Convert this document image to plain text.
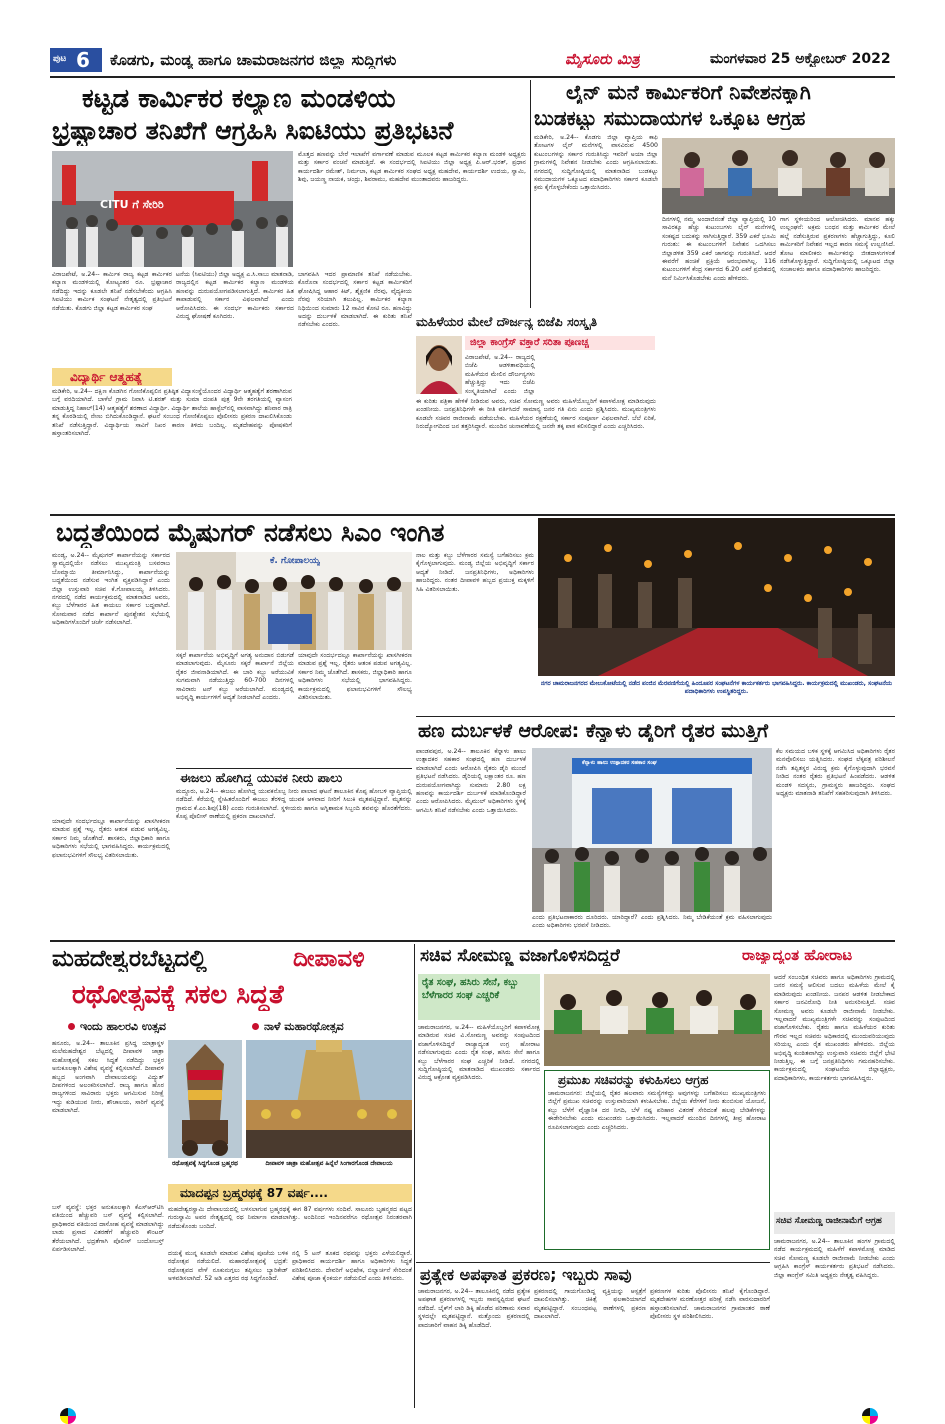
ಪುಟ 6 ಕೊಡಗು, ಮಂಡ್ಯ ಹಾಗೂ ಚಾಮರಾಜನಗರ ಜಿಲ್ಲಾ ಸುದ್ದಿಗಳು	ಮೈಸೂರು ಮಿತ್ರ	ಮಂಗಳವಾರ 25 ಅಕ್ಟೋಬರ್ 2022
ಕಟ್ಟಡ ಕಾರ್ಮಿಕರ ಕಲ್ಯಾಣ ಮಂಡಳಿಯ
ಭ್ರಷ್ಟಾಚಾರ ತನಿಖೆಗೆ ಆಗ್ರಹಿಸಿ ಸಿಐಟಿಯು ಪ್ರತಿಭಟನೆ
CITU ಗೆ ಸೇರಿರಿ
ಮೊತ್ತದ ಹಣವನ್ನು ಬೇರೆ ಇಲಾಖೆಗೆ ವರ್ಗಾವಣೆ ಮಾಡುವ ಮೂಲಕ ಕಟ್ಟಡ ಕಾರ್ಮಿಕರ ಕಲ್ಯಾಣ ಮಂಡಳಿ ಅಧ್ಯಕ್ಷರು ಮತ್ತು ಸರ್ಕಾರ ವಂಚನೆ ಮಾಡುತ್ತಿದೆ. ಈ ಸಂದರ್ಭದಲ್ಲಿ ಸಿಐಟಿಯು ಜಿಲ್ಲಾ ಅಧ್ಯಕ್ಷ ಪಿ.ಆರ್.ಭರತ್, ಪ್ರಧಾನ ಕಾರ್ಯದರ್ಶಿ ರಮೇಶ್, ನಿರ್ಮಲಾ, ಕಟ್ಟಡ ಕಾರ್ಮಿಕರ ಸಂಘದ ಅಧ್ಯಕ್ಷ ಮಹದೇವ, ಕಾರ್ಯದರ್ಶಿ ಉದಯ, ಸ್ವಾಮಿ, ಶಿವು, ಜಯಣ್ಣ ನಾಯಕ, ಚಂದ್ರು, ಶಿವರಾಮು, ಮಹದೇವ ಮುಂತಾದವರು ಹಾಜರಿದ್ದರು.
ವಿರಾಜಪೇಟೆ, ಅ.24-- ಕಾರ್ಮಿಕ ರಾಜ್ಯ ಕಟ್ಟಡ ಕಾರ್ಮಿಕರ ಕಲ್ಯಾಣ ಮಂಡಳಿಯಲ್ಲಿ ಕೋಟ್ಯಂತರ ರೂ. ಭ್ರಷ್ಟಾಚಾರ ನಡೆದಿದ್ದು ಇದನ್ನು ಕೂಡಲೇ ತನಿಖೆ ನಡೆಸಬೇಕೆಂದು ಆಗ್ರಹಿಸಿ ಸಿಐಟಿಯು ಕಾರ್ಮಿಕ ಸಂಘಟನೆ ನೇತೃತ್ವದಲ್ಲಿ ಪ್ರತಿಭಟನೆ ನಡೆಯಿತು. ಕೊಡಗು ಜಿಲ್ಲಾ ಕಟ್ಟಡ ಕಾರ್ಮಿಕರ ಸಂಘ
ಟನೆಯ (ಸಿಐಟಿಯು) ಜಿಲ್ಲಾ ಅಧ್ಯಕ್ಷ ಎ.ಸಿ.ಸಾಬು ಮಾತನಾಡಿ, ರಾಜ್ಯದಲ್ಲಿನ ಕಟ್ಟಡ ಕಾರ್ಮಿಕರ ಕಲ್ಯಾಣ ಮಂಡಳಿಯ ಹಣವನ್ನು ದುರುಪಯೋಗಪಡಿಸಲಾಗುತ್ತಿದೆ. ಕಾರ್ಮಿಕರ ಹಿತ ಕಾಪಾಡುವಲ್ಲಿ ಸರ್ಕಾರ ವಿಫಲವಾಗಿದೆ ಎಂದು ಆರೋಪಿಸಿದರು. ಈ ಸಂದರ್ಭ ಕಾರ್ಮಿಕರು ಸರ್ಕಾರದ ವಿರುದ್ಧ ಘೋಷಣೆ ಕೂಗಿದರು.
ಬಾಗವಹಿಸಿ ಇದರ ಪ್ರಾಮಾಣಿಕ ತನಿಖೆ ನಡೆಯಬೇಕು. ಕೊರೊನಾ ಸಂದರ್ಭದಲ್ಲಿ ಸರ್ಕಾರ ಕಟ್ಟಡ ಕಾರ್ಮಿಕರಿಗೆ ಘೋಷಿಸಿದ್ದ ಆಹಾರ ಕಿಟ್, ಶೈಕ್ಷಣಿಕ ನೆರವು, ವೈದ್ಯಕೀಯ ನೆರವು ಸರಿಯಾಗಿ ತಲುಪಿಲ್ಲ. ಕಾರ್ಮಿಕರ ಕಲ್ಯಾಣ ನಿಧಿಯಿಂದ ಸುಮಾರು 12 ಸಾವಿರ ಕೋಟಿ ರೂ. ಹಣವಿದ್ದು ಅದನ್ನು ದುರ್ಬಳಕೆ ಮಾಡಲಾಗಿದೆ. ಈ ಕುರಿತು ತನಿಖೆ ನಡೆಸಬೇಕು ಎಂದರು.
ವಿದ್ಯಾರ್ಥಿ ಆತ್ಮಹತ್ಯೆ
ಮಡಿಕೇರಿ, ಅ.24-- ದಕ್ಷಿಣ ಕೊಡಗಿನ ಗೋಣಿಕೊಪ್ಪಲಿನ ಪ್ರತಿಷ್ಠಿತ ವಿದ್ಯಾಸಂಸ್ಥೆಯೊಂದರ ವಿದ್ಯಾರ್ಥಿ ಆತ್ಮಹತ್ಯೆಗೆ ಶರಣಾಗಿರುವ ಬಗ್ಗೆ ವರದಿಯಾಗಿದೆ. ಬಾಳೆಲೆ ಗ್ರಾಮ ನಿವಾಸಿ ಟಿ.ಶರತ್ ಮತ್ತು ಸುಮಾ ದಂಪತಿ ಪುತ್ರ 9ನೇ ತರಗತಿಯಲ್ಲಿ ವ್ಯಾಸಂಗ ಮಾಡುತ್ತಿದ್ದ ನಿಹಾಲ್(14) ಆತ್ಮಹತ್ಯೆಗೆ ಶರಣಾದ ವಿದ್ಯಾರ್ಥಿ. ವಿದ್ಯಾರ್ಥಿ ಶಾಲೆಯ ಹಾಸ್ಟೆಲ್‌ನಲ್ಲಿ ವಾಸವಾಗಿದ್ದು ಶನಿವಾರ ರಾತ್ರಿ ತನ್ನ ಕೊಠಡಿಯಲ್ಲಿ ನೇಣು ಬಿಗಿದುಕೊಂಡಿದ್ದಾನೆ. ಘಟನೆ ಸಂಬಂಧ ಗೋಣಿಕೊಪ್ಪಲು ಪೊಲೀಸರು ಪ್ರಕರಣ ದಾಖಲಿಸಿಕೊಂಡು ತನಿಖೆ ನಡೆಸುತ್ತಿದ್ದಾರೆ. ವಿದ್ಯಾರ್ಥಿಯ ಸಾವಿಗೆ ನಿಖರ ಕಾರಣ ತಿಳಿದು ಬಂದಿಲ್ಲ. ಮೃತದೇಹವನ್ನು ಪೋಷಕರಿಗೆ ಹಸ್ತಾಂತರಿಸಲಾಗಿದೆ.
ಮಹಿಳೆಯರ ಮೇಲೆ ದೌರ್ಜನ್ಯ ಬಿಜೆಪಿ ಸಂಸ್ಕೃತಿ
ಜಿಲ್ಲಾ ಕಾಂಗ್ರೆಸ್ ವಕ್ತಾರೆ ಸರಿತಾ ಪೂಣಚ್ಚ
ವಿರಾಜಪೇಟೆ, ಅ.24-- ರಾಜ್ಯದಲ್ಲಿ ಬಿಜೆಪಿ ಆಡಳಿತಾವಧಿಯಲ್ಲಿ ಮಹಿಳೆಯರ ಮೇಲಿನ ದೌರ್ಜನ್ಯಗಳು ಹೆಚ್ಚುತ್ತಿದ್ದು ಇದು ಬಿಜೆಪಿ ಸಂಸ್ಕೃತಿಯಾಗಿದೆ ಎಂದು ಜಿಲ್ಲಾ
ಈ ಕುರಿತು ಪತ್ರಿಕಾ ಹೇಳಿಕೆ ನೀಡಿರುವ ಅವರು, ಸಚಿವ ಸೋಮಣ್ಣ ಅವರು ಮಹಿಳೆಯೊಬ್ಬರಿಗೆ ಕಪಾಳಮೋಕ್ಷ ಮಾಡಿರುವುದು ಖಂಡನೀಯ. ಜನಪ್ರತಿನಿಧಿಗಳೇ ಈ ರೀತಿ ವರ್ತಿಸಿದರೆ ಸಾಮಾನ್ಯ ಜನರ ಗತಿ ಏನು ಎಂದು ಪ್ರಶ್ನಿಸಿದರು. ಮುಖ್ಯಮಂತ್ರಿಗಳು ಕೂಡಲೇ ಸಚಿವರ ರಾಜೀನಾಮೆ ಪಡೆಯಬೇಕು. ಮಹಿಳೆಯರ ರಕ್ಷಣೆಯಲ್ಲಿ ಸರ್ಕಾರ ಸಂಪೂರ್ಣ ವಿಫಲವಾಗಿದೆ. ಬೆಲೆ ಏರಿಕೆ, ನಿರುದ್ಯೋಗದಿಂದ ಜನ ತತ್ತರಿಸಿದ್ದಾರೆ. ಮುಂದಿನ ಚುನಾವಣೆಯಲ್ಲಿ ಜನರೇ ತಕ್ಕ ಪಾಠ ಕಲಿಸಲಿದ್ದಾರೆ ಎಂದು ಎಚ್ಚರಿಸಿದರು.
ಲೈನ್ ಮನೆ ಕಾರ್ಮಿಕರಿಗೆ ನಿವೇಶನಕ್ಕಾಗಿ
ಬುಡಕಟ್ಟು ಸಮುದಾಯಗಳ ಒಕ್ಕೂಟ ಆಗ್ರಹ
ಮಡಿಕೇರಿ, ಅ.24-- ಕೊಡಗು ಜಿಲ್ಲಾ ವ್ಯಾಪ್ತಿಯ ಕಾಫಿ ತೋಟಗಳ ಲೈನ್ ಮನೆಗಳಲ್ಲಿ ವಾಸವಿರುವ 4500 ಕುಟುಂಬಗಳನ್ನು ಸರ್ಕಾರ ಗುರುತಿಸಿದ್ದು ಇವರಿಗೆ ಅಯಾ ಜಿಲ್ಲಾ ಗ್ರಾಮಗಳಲ್ಲಿ ನಿವೇಶನ ನೀಡಬೇಕು ಎಂದು ಆಗ್ರಹಿಸಲಾಯಿತು. ನಗರದಲ್ಲಿ ಸುದ್ದಿಗೋಷ್ಠಿಯಲ್ಲಿ ಮಾತನಾಡಿದ ಬುಡಕಟ್ಟು ಸಮುದಾಯಗಳ ಒಕ್ಕೂಟದ ಪದಾಧಿಕಾರಿಗಳು ಸರ್ಕಾರ ಕೂಡಲೇ ಕ್ರಮ ಕೈಗೊಳ್ಳಬೇಕೆಂದು ಒತ್ತಾಯಿಸಿದರು.
ದಿನಗಳಲ್ಲಿ ನಮ್ಮ ಅಂದಾಜಿನಂತೆ ಜಿಲ್ಲಾ ವ್ಯಾಪ್ತಿಯಲ್ಲಿ 10 ಸಾವಿರಕ್ಕೂ ಹೆಚ್ಚು ಕುಟುಂಬಗಳು ಲೈನ್ ಮನೆಗಳಲ್ಲಿ ಸಂಕಷ್ಟದ ಬದುಕನ್ನು ಸಾಗಿಸುತ್ತಿದ್ದಾರೆ. 359 ಎಕರೆ ಭೂಮಿ ಗುರುತು: ಈ ಕುಟುಂಬಗಳಿಗೆ ನಿವೇಶನ ಒದಗಿಸಲು ಜಿಲ್ಲಾಡಳಿತ 359 ಎಕರೆ ಜಾಗವನ್ನು ಗುರುತಿಸಿದೆ. ಆದರೆ ಈವರೆಗೆ ಹಂಚಿಕೆ ಪ್ರಕ್ರಿಯೆ ಆರಂಭವಾಗಿಲ್ಲ. 116 ಕುಟುಂಬಗಳಿಗೆ ಕೆಂದ್ರ ಸರ್ಕಾರದ 6.20 ಎಕರೆ ಪ್ರದೇಶದಲ್ಲಿ ಮನೆ ನಿರ್ಮಿಸಿಕೊಡಬೇಕು ಎಂದು ಹೇಳಿದರು.
ಗಾಗ ಸ್ಥಳೀಯರಿಂದ ಆಲೋಚಿಸಿದರು. ಮಾನವ ಹಕ್ಕು ಉಲ್ಲಂಘನೆ: ಅಕ್ರಮ ಬಂಧನ ಮತ್ತು ಕಾರ್ಮಿಕರ ಮೇಲೆ ಹಲ್ಲೆ ನಡೆಸುತ್ತಿರುವ ಪ್ರಕರಣಗಳು ಹೆಚ್ಚಾಗುತ್ತಿದ್ದು, ಕೂಲಿ ಕಾರ್ಮಿಕರಿಗೆ ನಿವೇಶನ ಇಲ್ಲದ ಕಾರಣ ಸಮಸ್ಯೆ ಉಲ್ಬಣಿಸಿದೆ. ತೋಟ ಮಾಲೀಕರು ಕಾರ್ಮಿಕರನ್ನು ಜೀತದಾಳುಗಳಂತೆ ನಡೆಸಿಕೊಳ್ಳುತ್ತಿದ್ದಾರೆ. ಸುದ್ದಿಗೋಷ್ಠಿಯಲ್ಲಿ ಒಕ್ಕೂಟದ ಜಿಲ್ಲಾ ಸಂಚಾಲಕರು ಹಾಗೂ ಪದಾಧಿಕಾರಿಗಳು ಹಾಜರಿದ್ದರು.
ಬದ್ಧತೆಯಿಂದ ಮೈಷುಗರ್ ನಡೆಸಲು ಸಿಎಂ ಇಂಗಿತ
ಮಂಡ್ಯ, ಅ.24-- ಮೈಷುಗರ್ ಕಾರ್ಖಾನೆಯನ್ನು ಸರ್ಕಾರದ ಸ್ವಾಮ್ಯದಲ್ಲಿಯೇ ನಡೆಸಲು ಮುಖ್ಯಮಂತ್ರಿ ಬಸವರಾಜ ಬೊಮ್ಮಾಯಿ ತೀರ್ಮಾನಿಸಿದ್ದು, ಕಾರ್ಖಾನೆಯನ್ನು ಬದ್ಧತೆಯಿಂದ ನಡೆಸುವ ಇಂಗಿತ ವ್ಯಕ್ತಪಡಿಸಿದ್ದಾರೆ ಎಂದು ಜಿಲ್ಲಾ ಉಸ್ತುವಾರಿ ಸಚಿವ ಕೆ.ಗೋಪಾಲಯ್ಯ ತಿಳಿಸಿದರು. ನಗರದಲ್ಲಿ ನಡೆದ ಕಾರ್ಯಕ್ರಮದಲ್ಲಿ ಮಾತನಾಡಿದ ಅವರು, ಕಬ್ಬು ಬೆಳೆಗಾರರ ಹಿತ ಕಾಯಲು ಸರ್ಕಾರ ಬದ್ಧವಾಗಿದೆ. ಸೋಮವಾರ ನಡೆದ ಕಾರ್ಖಾನೆ ಪುನಶ್ಚೇತನ ಸಭೆಯಲ್ಲಿ ಅಧಿಕಾರಿಗಳೊಂದಿಗೆ ಚರ್ಚೆ ನಡೆಸಲಾಗಿದೆ.
ಕೆ. ಗೋಪಾಲಯ್ಯ
ಸಕ್ಕರೆ ಕಾರ್ಖಾನೆಯ ಅಭಿವೃದ್ಧಿಗೆ ಅಗತ್ಯ ಅನುದಾನ ಬಿಡುಗಡೆ ಮಾಡಲಾಗುವುದು. ಮೈಸೂರು ಸಕ್ಕರೆ ಕಾರ್ಖಾನೆ ಜಿಲ್ಲೆಯ ರೈತರ ಜೀವನಾಡಿಯಾಗಿದೆ. ಈ ಬಾರಿ ಕಬ್ಬು ಅರೆಯುವಿಕೆ ಸುಗಮವಾಗಿ ನಡೆಯುತ್ತಿದ್ದು 60-700 ದಿನಗಳಲ್ಲಿ ಸಾವಿರಾರು ಟನ್ ಕಬ್ಬು ಅರೆಯಲಾಗಿದೆ. ಮಂಡ್ಯದಲ್ಲಿ ಅಭಿವೃದ್ಧಿ ಕಾರ್ಯಗಳಿಗೆ ಆದ್ಯತೆ ನೀಡಲಾಗಿದೆ ಎಂದರು.
ಯಾವುದೇ ಸಂದರ್ಭದಲ್ಲೂ ಕಾರ್ಖಾನೆಯನ್ನು ಖಾಸಗೀಕರಣ ಮಾಡುವ ಪ್ರಶ್ನೆ ಇಲ್ಲ. ರೈತರು ಆತಂಕ ಪಡುವ ಅಗತ್ಯವಿಲ್ಲ. ಸರ್ಕಾರ ನಿಮ್ಮ ಜೊತೆಗಿದೆ. ಶಾಸಕರು, ಜಿಲ್ಲಾಧಿಕಾರಿ ಹಾಗೂ ಅಧಿಕಾರಿಗಳು ಸಭೆಯಲ್ಲಿ ಭಾಗವಹಿಸಿದ್ದರು. ಕಾರ್ಯಕ್ರಮದಲ್ಲಿ ಫಲಾನುಭವಿಗಳಿಗೆ ಸೌಲಭ್ಯ ವಿತರಿಸಲಾಯಿತು.
ನಾಲ ಮತ್ತು ಕಬ್ಬು ಬೆಳೆಗಾರರ ಸಮಸ್ಯೆ ಬಗೆಹರಿಸಲು ಕ್ರಮ ಕೈಗೊಳ್ಳಲಾಗುವುದು. ಮಂಡ್ಯ ಜಿಲ್ಲೆಯ ಅಭಿವೃದ್ಧಿಗೆ ಸರ್ಕಾರ ಆದ್ಯತೆ ನೀಡಿದೆ. ಜನಪ್ರತಿನಿಧಿಗಳು, ಅಧಿಕಾರಿಗಳು ಹಾಜರಿದ್ದರು. ನಂತರ ದೀಪಾವಳಿ ಹಬ್ಬದ ಪ್ರಯುಕ್ತ ಮಕ್ಕಳಿಗೆ ಸಿಹಿ ವಿತರಿಸಲಾಯಿತು.
ನಗರ ಚಾಮರಾಜನಗರದ ಮೇಲುಕೋಟೆಯಲ್ಲಿ ನಡೆದ ಪಂಜಿನ ಮೆರವಣಿಗೆಯಲ್ಲಿ ಹಿಂದೂಪರ ಸಂಘಟನೆಗಳ ಕಾರ್ಯಕರ್ತರು ಭಾಗವಹಿಸಿದ್ದರು. ಕಾರ್ಯಕ್ರಮದಲ್ಲಿ ಮುಖಂಡರು, ಸಂಘಟನೆಯ ಪದಾಧಿಕಾರಿಗಳು ಉಪಸ್ಥಿತರಿದ್ದರು.
ಈಜಲು ಹೋಗಿದ್ದ ಯುವಕ ನೀರು ಪಾಲು
ಮದ್ದೂರು, ಅ.24-- ಈಜಲು ಹೋಗಿದ್ದ ಯುವಕನೊಬ್ಬ ನೀರು ಪಾಲಾದ ಘಟನೆ ತಾಲೂಕಿನ ಕೊಪ್ಪ ಹೋಬಳಿ ವ್ಯಾಪ್ತಿಯಲ್ಲಿ ನಡೆದಿದೆ. ಕೆರೆಯಲ್ಲಿ ಸ್ನೇಹಿತರೊಂದಿಗೆ ಈಜಲು ತೆರಳಿದ್ದ ಯುವಕ ಆಳವಾದ ನೀರಿಗೆ ಸಿಲುಕಿ ಮೃತಪಟ್ಟಿದ್ದಾನೆ. ಮೃತನನ್ನು ಗ್ರಾಮದ ಕೆ.ಎಂ.ಶಿವು(18) ಎಂದು ಗುರುತಿಸಲಾಗಿದೆ. ಸ್ಥಳೀಯರು ಹಾಗೂ ಅಗ್ನಿಶಾಮಕ ಸಿಬ್ಬಂದಿ ಶವವನ್ನು ಹೊರತೆಗೆದರು. ಕೊಪ್ಪ ಪೊಲೀಸ್ ಠಾಣೆಯಲ್ಲಿ ಪ್ರಕರಣ ದಾಖಲಾಗಿದೆ.
ಯಾವುದೇ ಸಂದರ್ಭದಲ್ಲೂ ಕಾರ್ಖಾನೆಯನ್ನು ಖಾಸಗೀಕರಣ ಮಾಡುವ ಪ್ರಶ್ನೆ ಇಲ್ಲ. ರೈತರು ಆತಂಕ ಪಡುವ ಅಗತ್ಯವಿಲ್ಲ. ಸರ್ಕಾರ ನಿಮ್ಮ ಜೊತೆಗಿದೆ. ಶಾಸಕರು, ಜಿಲ್ಲಾಧಿಕಾರಿ ಹಾಗೂ ಅಧಿಕಾರಿಗಳು ಸಭೆಯಲ್ಲಿ ಭಾಗವಹಿಸಿದ್ದರು. ಕಾರ್ಯಕ್ರಮದಲ್ಲಿ ಫಲಾನುಭವಿಗಳಿಗೆ ಸೌಲಭ್ಯ ವಿತರಿಸಲಾಯಿತು.
ಹಣ ದುರ್ಬಳಕೆ ಆರೋಪ: ಕೆನ್ನಾಳು ಡೈರಿಗೆ ರೈತರ ಮುತ್ತಿಗೆ
ಪಾಂಡವಪುರ, ಅ.24-- ತಾಲೂಕಿನ ಕೆನ್ನಾಳು ಹಾಲು ಉತ್ಪಾದಕರ ಸಹಕಾರ ಸಂಘದಲ್ಲಿ ಹಣ ದುರ್ಬಳಕೆ ಮಾಡಲಾಗಿದೆ ಎಂದು ಆರೋಪಿಸಿ ರೈತರು ಡೈರಿ ಮುಂದೆ ಪ್ರತಿಭಟನೆ ನಡೆಸಿದರು. ಡೈರಿಯಲ್ಲಿ ಲಕ್ಷಾಂತರ ರೂ. ಹಣ ದುರುಪಯೋಗವಾಗಿದ್ದು ಸುಮಾರು 2.80 ಲಕ್ಷ ಹಣವನ್ನು ಕಾರ್ಯದರ್ಶಿ ದುರ್ಬಳಕೆ ಮಾಡಿಕೊಂಡಿದ್ದಾರೆ ಎಂದು ಆರೋಪಿಸಿದರು. ಮೈಮುಲ್ ಅಧಿಕಾರಿಗಳು ಸ್ಥಳಕ್ಕೆ ಆಗಮಿಸಿ ತನಿಖೆ ನಡೆಸಬೇಕು ಎಂದು ಒತ್ತಾಯಿಸಿದರು.
ಕೆನ್ನಾಳು ಹಾಲು ಉತ್ಪಾದಕರ ಸಹಕಾರ ಸಂಘ
ಎಂದು ಪ್ರತಿಭಟನಾಕಾರರು ದೂರಿದರು. ಯಾರಿದ್ದಾರೆ? ಎಂದು ಪ್ರಶ್ನಿಸಿದರು. ನಿಮ್ಮ ಬೇಡಿಕೆಯಂತೆ ಕ್ರಮ ವಹಿಸಲಾಗುವುದು ಎಂದು ಅಧಿಕಾರಿಗಳು ಭರವಸೆ ನೀಡಿದರು.
ಕೆಲ ಸಮಯದ ಬಳಿಕ ಸ್ಥಳಕ್ಕೆ ಆಗಮಿಸಿದ ಅಧಿಕಾರಿಗಳು ರೈತರ ಮನವೊಲಿಸಲು ಯತ್ನಿಸಿದರು. ಸಂಘದ ಲೆಕ್ಕಪತ್ರ ಪರಿಶೀಲನೆ ನಡೆಸಿ ತಪ್ಪಿತಸ್ಥರ ವಿರುದ್ಧ ಕ್ರಮ ಕೈಗೊಳ್ಳುವುದಾಗಿ ಭರವಸೆ ನೀಡಿದ ನಂತರ ರೈತರು ಪ್ರತಿಭಟನೆ ಹಿಂಪಡೆದರು. ಆಡಳಿತ ಮಂಡಳಿ ಸದಸ್ಯರು, ಗ್ರಾಮಸ್ಥರು ಹಾಜರಿದ್ದರು. ಸಂಘದ ಅಧ್ಯಕ್ಷರು ಮಾತನಾಡಿ ತನಿಖೆಗೆ ಸಹಕರಿಸುವುದಾಗಿ ತಿಳಿಸಿದರು.
ಮಹದೇಶ್ವರಬೆಟ್ಟದಲ್ಲಿ	ದೀಪಾವಳಿ
ರಥೋತ್ಸವಕ್ಕೆ ಸಕಲ ಸಿದ್ಧತೆ
ಇಂದು ಹಾಲರವಿ ಉತ್ಸವ	ನಾಳೆ ಮಹಾರಥೋತ್ಸವ
ಹನೂರು, ಅ.24-- ತಾಲೂಕಿನ ಪ್ರಸಿದ್ಧ ಯಾತ್ರಾಸ್ಥಳ ಮಲೆಮಹದೇಶ್ವರ ಬೆಟ್ಟದಲ್ಲಿ ದೀಪಾವಳಿ ಜಾತ್ರಾ ಮಹೋತ್ಸವಕ್ಕೆ ಸಕಲ ಸಿದ್ಧತೆ ನಡೆದಿದ್ದು ಭಕ್ತರ ಅನುಕೂಲಕ್ಕಾಗಿ ವಿಶೇಷ ವ್ಯವಸ್ಥೆ ಕಲ್ಪಿಸಲಾಗಿದೆ. ದೀಪಾವಳಿ ಹಬ್ಬದ ಅಂಗವಾಗಿ ದೇವಾಲಯವನ್ನು ವಿದ್ಯುತ್ ದೀಪಗಳಿಂದ ಅಲಂಕರಿಸಲಾಗಿದೆ. ರಾಜ್ಯ ಹಾಗೂ ಹೊರ ರಾಜ್ಯಗಳಿಂದ ಸಾವಿರಾರು ಭಕ್ತರು ಆಗಮಿಸುವ ನಿರೀಕ್ಷೆ ಇದ್ದು ಕುಡಿಯುವ ನೀರು, ಶೌಚಾಲಯ, ಸಾರಿಗೆ ವ್ಯವಸ್ಥೆ ಮಾಡಲಾಗಿದೆ.
ರಥೋತ್ಸವಕ್ಕೆ ಸಿದ್ಧಗೊಂಡ ಬ್ರಹ್ಮರಥ	ದೀಪಾವಳಿ ಜಾತ್ರಾ ಮಹೋತ್ಸವ ಹಿನ್ನೆಲೆ ಸಿಂಗಾರಗೊಂಡ ದೇವಾಲಯ
ಮಾದಪ್ಪನ ಬ್ರಹ್ಮರಥಕ್ಕೆ 87 ವರ್ಷ....
ಮಹದೇಶ್ವರಸ್ವಾಮಿ ದೇವಾಲಯದಲ್ಲಿ ಬಳಸಲಾಗುವ ಬ್ರಹ್ಮರಥಕ್ಕೆ ಈಗ 87 ವರ್ಷಗಳು ಸಂದಿವೆ. ಸಾಲೂರು ಬೃಹನ್ಮಠದ ಪಟ್ಟದ ಗುರುಸ್ವಾಮಿ ಅವರ ನೇತೃತ್ವದಲ್ಲಿ ರಥ ನಿರ್ಮಾಣ ಮಾಡಲಾಗಿತ್ತು. ಅಂದಿನಿಂದ ಇಂದಿನವರೆಗೂ ರಥೋತ್ಸವ ನಿರಂತರವಾಗಿ ನಡೆದುಕೊಂಡು ಬಂದಿದೆ.
ಬಸ್ ವ್ಯವಸ್ಥೆ: ಭಕ್ತರ ಅನುಕೂಲಕ್ಕಾಗಿ ಕೆಎಸ್ಆರ್‌ಟಿಸಿ ವತಿಯಿಂದ ಹೆಚ್ಚುವರಿ ಬಸ್ ವ್ಯವಸ್ಥೆ ಕಲ್ಪಿಸಲಾಗಿದೆ. ಪ್ರಾಧಿಕಾರದ ವತಿಯಿಂದ ದಾಸೋಹ ವ್ಯವಸ್ಥೆ ಮಾಡಲಾಗಿದ್ದು ಲಾಡು ಪ್ರಸಾದ ವಿತರಣೆಗೆ ಹೆಚ್ಚುವರಿ ಕೌಂಟರ್ ತೆರೆಯಲಾಗಿದೆ. ಭದ್ರತೆಗಾಗಿ ಪೊಲೀಸ್ ಬಂದೋಬಸ್ತ್ ಏರ್ಪಡಿಸಲಾಗಿದೆ.
ದಯಕ್ಕೆ ಮುನ್ನ ಕೂಡಲೇ ಮಾಡುವ ವಿಶೇಷ ಪೂಜೆಯ ಬಳಿಕ ರಥೋತ್ಸವ ನಡೆಯಲಿದೆ. ಮಹಾರಥೋತ್ಸವಕ್ಕೆ ಭದ್ರತೆ: ರಥೋತ್ಸವದ ವೇಳೆ ನೂಕುನುಗ್ಗಲು ತಪ್ಪಿಸಲು ಬ್ಯಾರಿಕೇಡ್ ಅಳವಡಿಸಲಾಗಿದೆ. 52 ಅಡಿ ಎತ್ತರದ ರಥ ಸಿದ್ಧಗೊಂಡಿದೆ.
ನಲ್ಲಿ 5 ಟನ್ ತೂಕದ ರಥವನ್ನು ಭಕ್ತರು ಎಳೆಯಲಿದ್ದಾರೆ. ಪ್ರಾಧಿಕಾರದ ಕಾರ್ಯದರ್ಶಿ ಹಾಗೂ ಅಧಿಕಾರಿಗಳು ಸಿದ್ಧತೆ ಪರಿಶೀಲಿಸಿದರು. ದೇವರಿಗೆ ಅಭಿಷೇಕ, ಬಿಲ್ವಾರ್ಚನೆ ಸೇರಿದಂತೆ ವಿಶೇಷ ಪೂಜಾ ಕೈಂಕರ್ಯ ನಡೆಯಲಿದೆ ಎಂದು ತಿಳಿಸಿದರು.
ಸಚಿವ ಸೋಮಣ್ಣ ವಜಾಗೊಳಿಸದಿದ್ದರೆ	ರಾಜ್ಯಾದ್ಯಂತ ಹೋರಾಟ
ರೈತ ಸಂಘ, ಹಸಿರು ಸೇನೆ, ಕಬ್ಬು ಬೆಳೆಗಾರರ ಸಂಘ ಎಚ್ಚರಿಕೆ
ಚಾಮರಾಜನಗರ, ಅ.24-- ಮಹಿಳೆಯೊಬ್ಬರಿಗೆ ಕಪಾಳಮೋಕ್ಷ ಮಾಡಿರುವ ಸಚಿವ ವಿ.ಸೋಮಣ್ಣ ಅವರನ್ನು ಸಂಪುಟದಿಂದ ವಜಾಗೊಳಿಸದಿದ್ದರೆ ರಾಜ್ಯಾದ್ಯಂತ ಉಗ್ರ ಹೋರಾಟ ನಡೆಸಲಾಗುವುದು ಎಂದು ರೈತ ಸಂಘ, ಹಸಿರು ಸೇನೆ ಹಾಗೂ ಕಬ್ಬು ಬೆಳೆಗಾರರ ಸಂಘ ಎಚ್ಚರಿಕೆ ನೀಡಿದೆ. ನಗರದಲ್ಲಿ ಸುದ್ದಿಗೋಷ್ಠಿಯಲ್ಲಿ ಮಾತನಾಡಿದ ಮುಖಂಡರು ಸರ್ಕಾರದ ವಿರುದ್ಧ ಆಕ್ರೋಶ ವ್ಯಕ್ತಪಡಿಸಿದರು.	ಪ್ರಮುಖ ಸಚಿವರನ್ನು ಕಳುಹಿಸಲು ಆಗ್ರಹ
ಚಾಮರಾಜನಗರ: ಜಿಲ್ಲೆಯಲ್ಲಿ ರೈತರ ಹಲವಾರು ಸಮಸ್ಯೆಗಳಿದ್ದು ಅವುಗಳನ್ನು ಬಗೆಹರಿಸಲು ಮುಖ್ಯಮಂತ್ರಿಗಳು ಜಿಲ್ಲೆಗೆ ಪ್ರಮುಖ ಸಚಿವರನ್ನು ಉಸ್ತುವಾರಿಯಾಗಿ ಕಳುಹಿಸಬೇಕು. ಜಿಲ್ಲೆಯ ಕೆರೆಗಳಿಗೆ ನೀರು ತುಂಬಿಸುವ ಯೋಜನೆ, ಕಬ್ಬು ಬೆಳೆಗೆ ವೈಜ್ಞಾನಿಕ ದರ ನಿಗದಿ, ಬೆಳೆ ನಷ್ಟ ಪರಿಹಾರ ವಿತರಣೆ ಸೇರಿದಂತೆ ಹಲವು ಬೇಡಿಕೆಗಳನ್ನು ಈಡೇರಿಸಬೇಕು ಎಂದು ಮುಖಂಡರು ಒತ್ತಾಯಿಸಿದರು. ಇಲ್ಲವಾದರೆ ಮುಂದಿನ ದಿನಗಳಲ್ಲಿ ತೀವ್ರ ಹೋರಾಟ ರೂಪಿಸಲಾಗುವುದು ಎಂದು ಎಚ್ಚರಿಸಿದರು.
ಆದರೆ ಸಂಬಂಧಿತ ಸಚಿವರು ಹಾಗೂ ಅಧಿಕಾರಿಗಳು ಗ್ರಾಮದಲ್ಲಿ ಜನರ ಸಮಸ್ಯೆ ಆಲಿಸುವ ಬದಲು ಮಹಿಳೆಯ ಮೇಲೆ ಕೈ ಮಾಡಿರುವುದು ಖಂಡನೀಯ. ಜನಪರ ಆಡಳಿತ ನೀಡಬೇಕಾದ ಸರ್ಕಾರ ಜನವಿರೋಧಿ ನೀತಿ ಅನುಸರಿಸುತ್ತಿದೆ. ಸಚಿವ ಸೋಮಣ್ಣ ಅವರು ಕೂಡಲೇ ರಾಜೀನಾಮೆ ನೀಡಬೇಕು. ಇಲ್ಲವಾದರೆ ಮುಖ್ಯಮಂತ್ರಿಗಳೇ ಸಚಿವರನ್ನು ಸಂಪುಟದಿಂದ ವಜಾಗೊಳಿಸಬೇಕು. ರೈತರು ಹಾಗೂ ಮಹಿಳೆಯರ ಕುರಿತು ಗೌರವ ಇಲ್ಲದ ಸಚಿವರು ಅಧಿಕಾರದಲ್ಲಿ ಮುಂದುವರಿಯುವುದು ಸರಿಯಲ್ಲ ಎಂದು ರೈತ ಮುಖಂಡರು ಹೇಳಿದರು. ಜಿಲ್ಲೆಯ ಅಭಿವೃದ್ಧಿ ಕುಂಠಿತವಾಗಿದ್ದು ಉಸ್ತುವಾರಿ ಸಚಿವರು ಜಿಲ್ಲೆಗೆ ಭೇಟಿ ನೀಡುತ್ತಿಲ್ಲ. ಈ ಬಗ್ಗೆ ಜನಪ್ರತಿನಿಧಿಗಳು ಗಮನಹರಿಸಬೇಕು. ಕಾರ್ಯಕ್ರಮದಲ್ಲಿ ಸಂಘಟನೆಯ ಜಿಲ್ಲಾಧ್ಯಕ್ಷರು, ಪದಾಧಿಕಾರಿಗಳು, ಕಾರ್ಯಕರ್ತರು ಭಾಗವಹಿಸಿದ್ದರು.
ಪ್ರತ್ಯೇಕ ಅಪಘಾತ ಪ್ರಕರಣ; ಇಬ್ಬರು ಸಾವು
ಚಾಮರಾಜನಗರ, ಅ.24-- ತಾಲೂಕಿನಲ್ಲಿ ನಡೆದ ಪ್ರತ್ಯೇಕ ಅಪಘಾತ ಪ್ರಕರಣಗಳಲ್ಲಿ ಇಬ್ಬರು ಸಾವನ್ನಪ್ಪಿರುವ ಘಟನೆ ನಡೆದಿದೆ. ಬೈಕ್‌ಗೆ ಲಾರಿ ಡಿಕ್ಕಿ ಹೊಡೆದ ಪರಿಣಾಮ ಸವಾರ ಸ್ಥಳದಲ್ಲೇ ಮೃತಪಟ್ಟಿದ್ದಾನೆ. ಮತ್ತೊಂದು ಪ್ರಕರಣದಲ್ಲಿ ಪಾದಚಾರಿಗೆ ವಾಹನ ಡಿಕ್ಕಿ ಹೊಡೆದಿದೆ.
ಪ್ರಕರಣದಲ್ಲಿ ಗಾಯಗೊಂಡಿದ್ದ ವ್ಯಕ್ತಿಯನ್ನು ಆಸ್ಪತ್ರೆಗೆ ದಾಖಲಿಸಲಾಗಿತ್ತು. ಚಿಕಿತ್ಸೆ ಫಲಕಾರಿಯಾಗದೆ ಮೃತಪಟ್ಟಿದ್ದಾರೆ. ಸಂಬಂಧಪಟ್ಟ ಠಾಣೆಗಳಲ್ಲಿ ಪ್ರಕರಣ ದಾಖಲಾಗಿದೆ.
ಪ್ರಕರಣಗಳ ಕುರಿತು ಪೊಲೀಸರು ತನಿಖೆ ಕೈಗೊಂಡಿದ್ದಾರೆ. ಮೃತದೇಹಗಳ ಮರಣೋತ್ತರ ಪರೀಕ್ಷೆ ನಡೆಸಿ ವಾರಸುದಾರರಿಗೆ ಹಸ್ತಾಂತರಿಸಲಾಗಿದೆ. ಚಾಮರಾಜನಗರ ಗ್ರಾಮಾಂತರ ಠಾಣೆ ಪೊಲೀಸರು ಸ್ಥಳ ಪರಿಶೀಲಿಸಿದರು.
ಸಚಿವ ಸೋಮಣ್ಣ ರಾಜೀನಾಮೆಗೆ ಆಗ್ರಹ
ಚಾಮರಾಜನಗರ, ಅ.24-- ತಾಲೂಕಿನ ಹಂಗಳ ಗ್ರಾಮದಲ್ಲಿ ನಡೆದ ಕಾರ್ಯಕ್ರಮದಲ್ಲಿ ಮಹಿಳೆಗೆ ಕಪಾಳಮೋಕ್ಷ ಮಾಡಿದ ಸಚಿವ ಸೋಮಣ್ಣ ಕೂಡಲೇ ರಾಜೀನಾಮೆ ನೀಡಬೇಕು ಎಂದು ಆಗ್ರಹಿಸಿ ಕಾಂಗ್ರೆಸ್ ಕಾರ್ಯಕರ್ತರು ಪ್ರತಿಭಟನೆ ನಡೆಸಿದರು. ಜಿಲ್ಲಾ ಕಾಂಗ್ರೆಸ್ ಸಮಿತಿ ಅಧ್ಯಕ್ಷರು ನೇತೃತ್ವ ವಹಿಸಿದ್ದರು.
